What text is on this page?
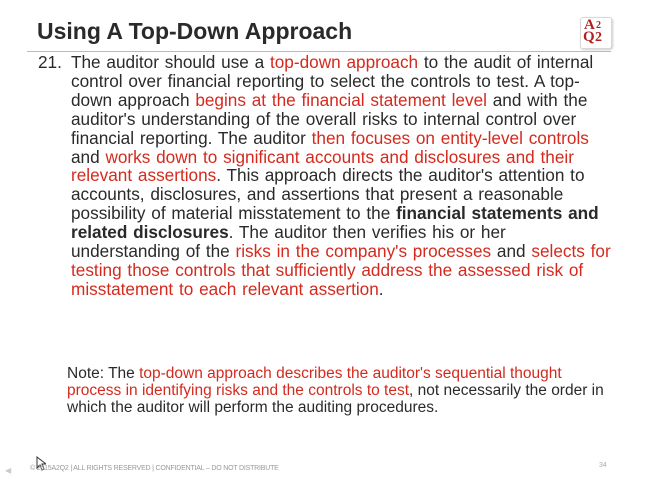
Using A Top-Down Approach	A 2
Q 2
21. The auditor should use a top-down approach to the audit of internal control over financial reporting to select the controls to test. A top-down approach begins at the financial statement level and with the auditor's understanding of the overall risks to internal control over financial reporting. The auditor then focuses on entity-level controls and works down to significant accounts and disclosures and their relevant assertions. This approach directs the auditor's attention to accounts, disclosures, and assertions that present a reasonable possibility of material misstatement to the financial statements and related disclosures. The auditor then verifies his or her understanding of the risks in the company's processes and selects for testing those controls that sufficiently address the assessed risk of misstatement to each relevant assertion.
Note: The top-down approach describes the auditor's sequential thought process in identifying risks and the controls to test, not necessarily the order in which the auditor will perform the auditing procedures.
◀	© 2015A2Q2 | ALL RIGHTS RESERVED | CONFIDENTIAL – DO NOT DISTRIBUTE	34
